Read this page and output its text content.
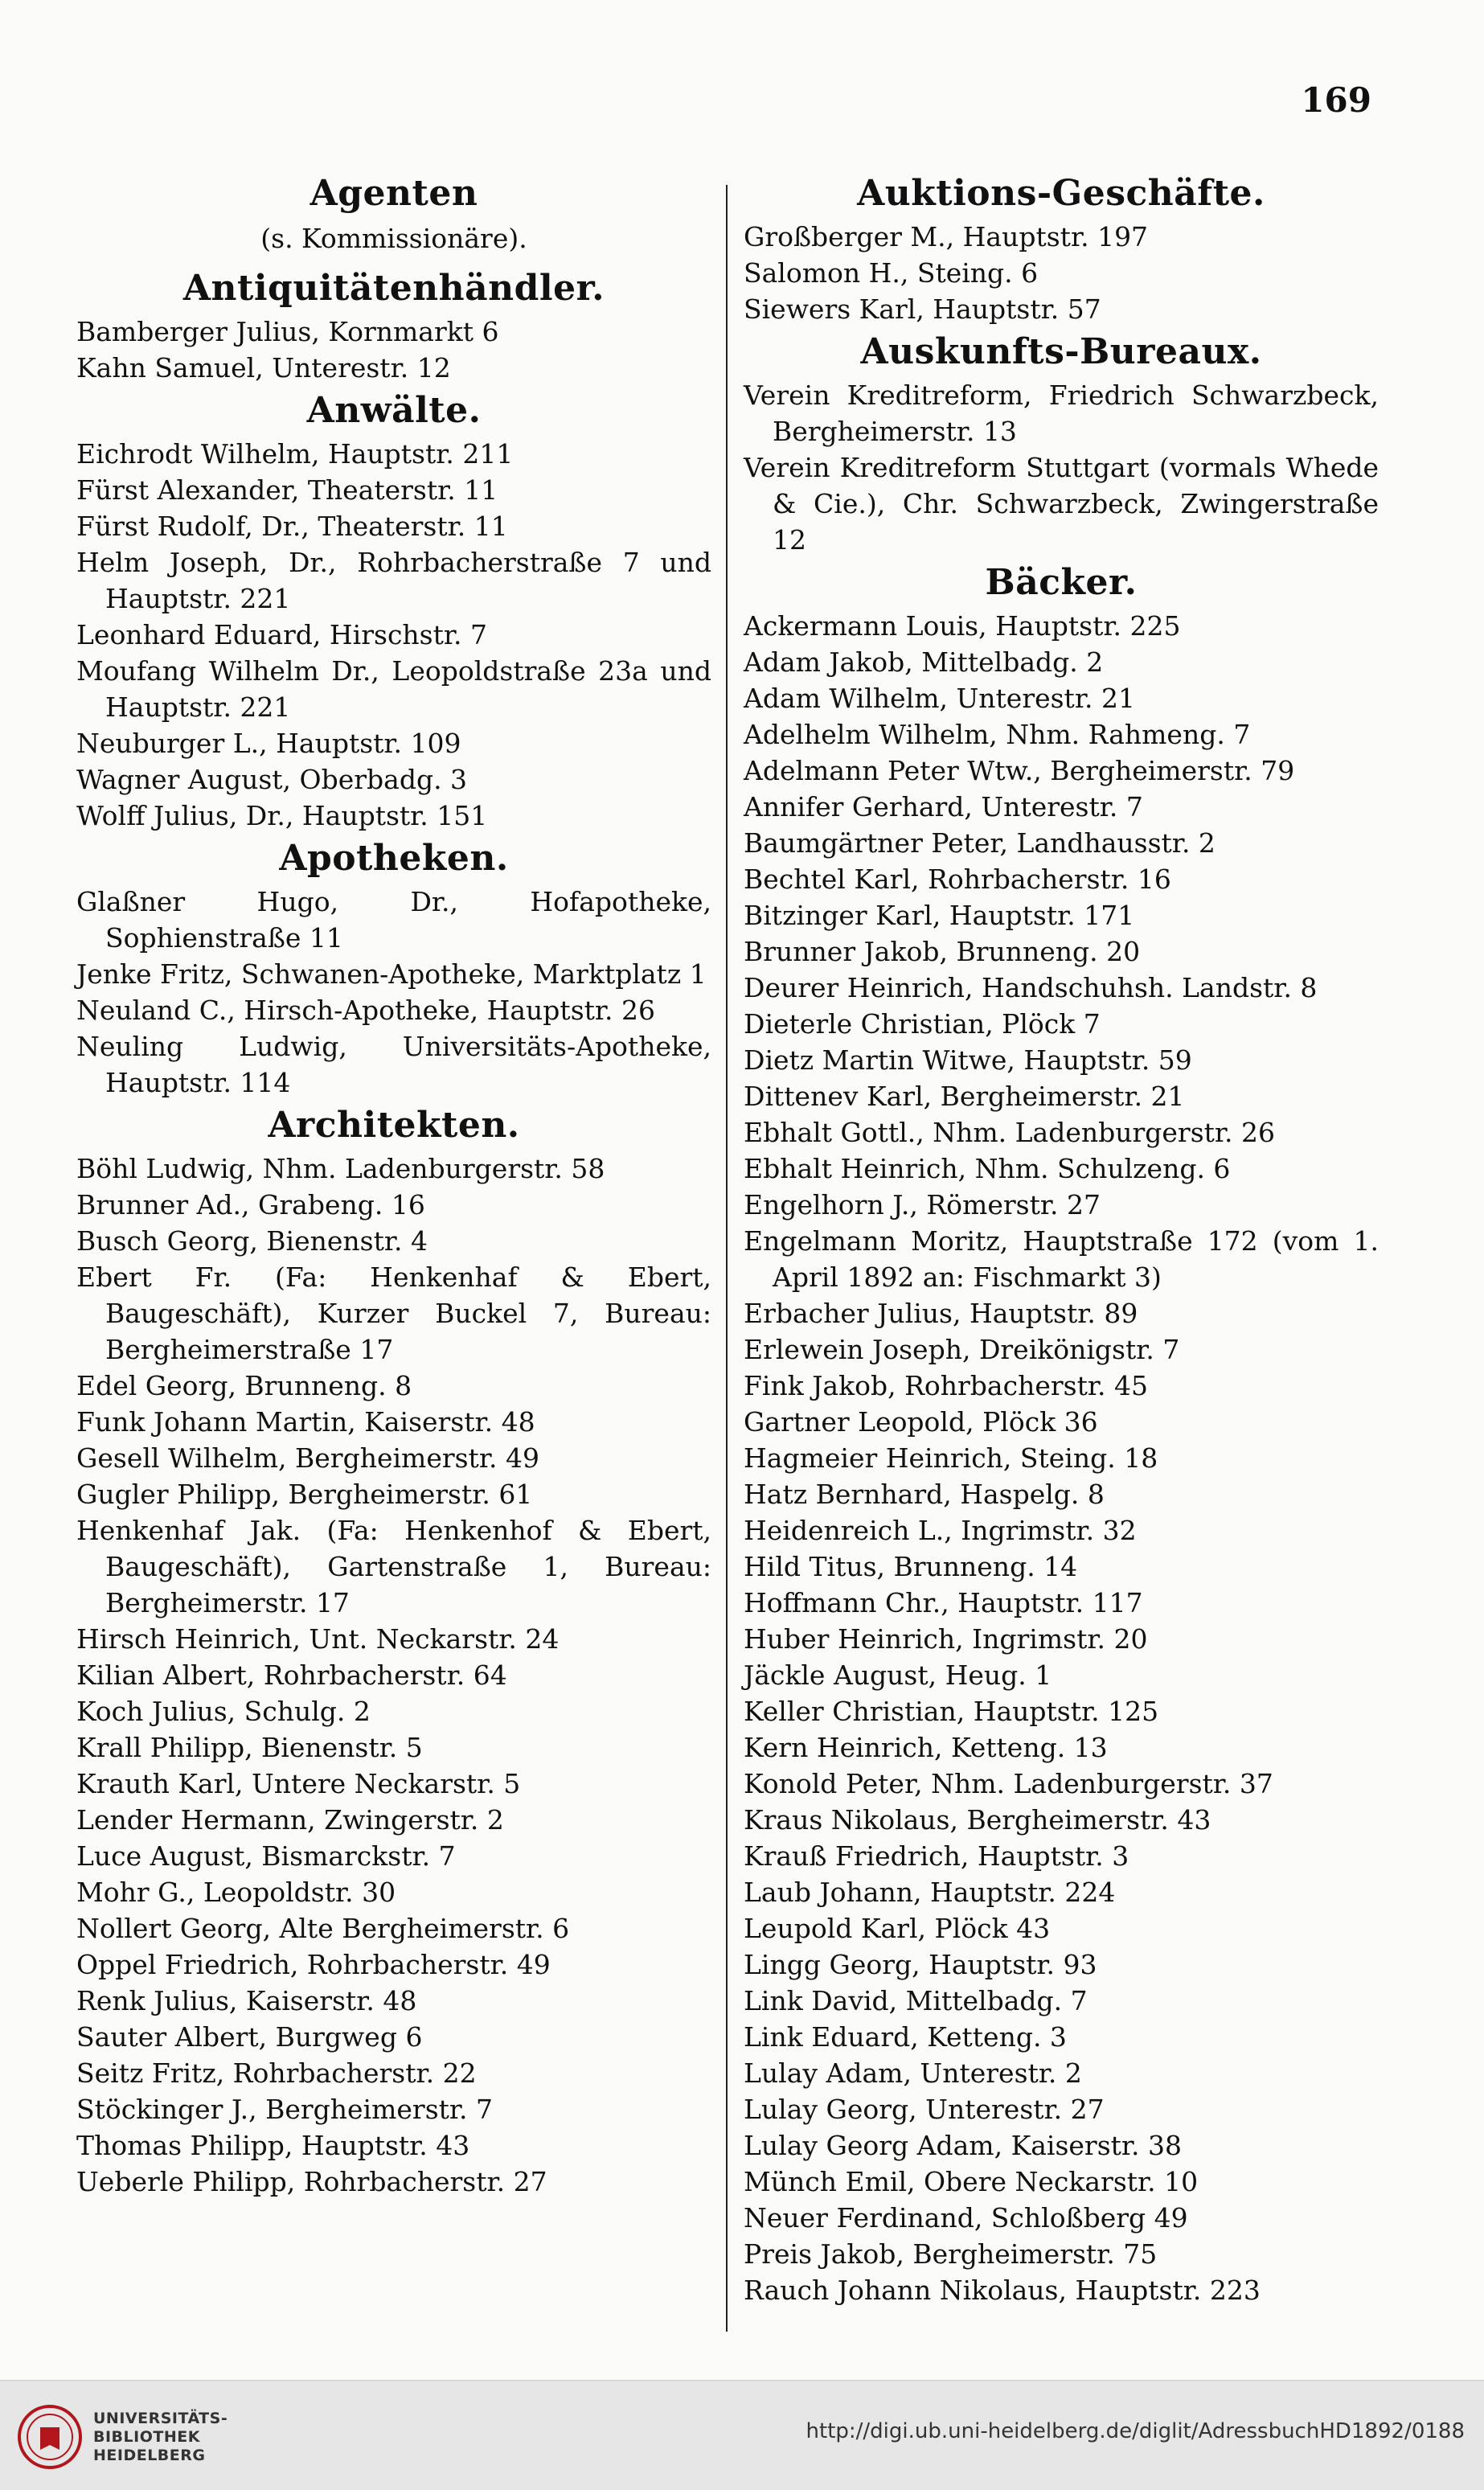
169
Agenten
(s. Kommissionäre).
Antiquitätenhändler.
Bamberger Julius, Kornmarkt 6
Kahn Samuel, Unterestr. 12
Anwälte.
Eichrodt Wilhelm, Hauptstr. 211
Fürst Alexander, Theaterstr. 11
Fürst Rudolf, Dr., Theaterstr. 11
Helm Joseph, Dr., Rohrbacherstraße 7 und Hauptstr. 221
Leonhard Eduard, Hirschstr. 7
Moufang Wilhelm Dr., Leopoldstraße 23a und Hauptstr. 221
Neuburger L., Hauptstr. 109
Wagner August, Oberbadg. 3
Wolff Julius, Dr., Hauptstr. 151
Apotheken.
Glaßner Hugo, Dr., Hofapotheke, Sophienstraße 11
Jenke Fritz, Schwanen-Apotheke, Marktplatz 1
Neuland C., Hirsch-Apotheke, Hauptstr. 26
Neuling Ludwig, Universitäts-Apotheke, Hauptstr. 114
Architekten.
Böhl Ludwig, Nhm. Ladenburgerstr. 58
Brunner Ad., Grabeng. 16
Busch Georg, Bienenstr. 4
Ebert Fr. (Fa: Henkenhaf & Ebert, Baugeschäft), Kurzer Buckel 7, Bureau: Bergheimerstraße 17
Edel Georg, Brunneng. 8
Funk Johann Martin, Kaiserstr. 48
Gesell Wilhelm, Bergheimerstr. 49
Gugler Philipp, Bergheimerstr. 61
Henkenhaf Jak. (Fa: Henkenhof & Ebert, Baugeschäft), Gartenstraße 1, Bureau: Bergheimerstr. 17
Hirsch Heinrich, Unt. Neckarstr. 24
Kilian Albert, Rohrbacherstr. 64
Koch Julius, Schulg. 2
Krall Philipp, Bienenstr. 5
Krauth Karl, Untere Neckarstr. 5
Lender Hermann, Zwingerstr. 2
Luce August, Bismarckstr. 7
Mohr G., Leopoldstr. 30
Nollert Georg, Alte Bergheimerstr. 6
Oppel Friedrich, Rohrbacherstr. 49
Renk Julius, Kaiserstr. 48
Sauter Albert, Burgweg 6
Seitz Fritz, Rohrbacherstr. 22
Stöckinger J., Bergheimerstr. 7
Thomas Philipp, Hauptstr. 43
Ueberle Philipp, Rohrbacherstr. 27
Auktions-Geschäfte.
Großberger M., Hauptstr. 197
Salomon H., Steing. 6
Siewers Karl, Hauptstr. 57
Auskunfts-Bureaux.
Verein Kreditreform, Friedrich Schwarzbeck, Bergheimerstr. 13
Verein Kreditreform Stuttgart (vormals Whede & Cie.), Chr. Schwarzbeck, Zwingerstraße 12
Bäcker.
Ackermann Louis, Hauptstr. 225
Adam Jakob, Mittelbadg. 2
Adam Wilhelm, Unterestr. 21
Adelhelm Wilhelm, Nhm. Rahmeng. 7
Adelmann Peter Wtw., Bergheimerstr. 79
Annifer Gerhard, Unterestr. 7
Baumgärtner Peter, Landhausstr. 2
Bechtel Karl, Rohrbacherstr. 16
Bitzinger Karl, Hauptstr. 171
Brunner Jakob, Brunneng. 20
Deurer Heinrich, Handschuhsh. Landstr. 8
Dieterle Christian, Plöck 7
Dietz Martin Witwe, Hauptstr. 59
Dittenev Karl, Bergheimerstr. 21
Ebhalt Gottl., Nhm. Ladenburgerstr. 26
Ebhalt Heinrich, Nhm. Schulzeng. 6
Engelhorn J., Römerstr. 27
Engelmann Moritz, Hauptstraße 172 (vom 1. April 1892 an: Fischmarkt 3)
Erbacher Julius, Hauptstr. 89
Erlewein Joseph, Dreikönigstr. 7
Fink Jakob, Rohrbacherstr. 45
Gartner Leopold, Plöck 36
Hagmeier Heinrich, Steing. 18
Hatz Bernhard, Haspelg. 8
Heidenreich L., Ingrimstr. 32
Hild Titus, Brunneng. 14
Hoffmann Chr., Hauptstr. 117
Huber Heinrich, Ingrimstr. 20
Jäckle August, Heug. 1
Keller Christian, Hauptstr. 125
Kern Heinrich, Ketteng. 13
Konold Peter, Nhm. Ladenburgerstr. 37
Kraus Nikolaus, Bergheimerstr. 43
Krauß Friedrich, Hauptstr. 3
Laub Johann, Hauptstr. 224
Leupold Karl, Plöck 43
Lingg Georg, Hauptstr. 93
Link David, Mittelbadg. 7
Link Eduard, Ketteng. 3
Lulay Adam, Unterestr. 2
Lulay Georg, Unterestr. 27
Lulay Georg Adam, Kaiserstr. 38
Münch Emil, Obere Neckarstr. 10
Neuer Ferdinand, Schloßberg 49
Preis Jakob, Bergheimerstr. 75
Rauch Johann Nikolaus, Hauptstr. 223
UNIVERSITÄTS-
BIBLIOTHEK
HEIDELBERG
http://digi.ub.uni-heidelberg.de/diglit/AdressbuchHD1892/0188
